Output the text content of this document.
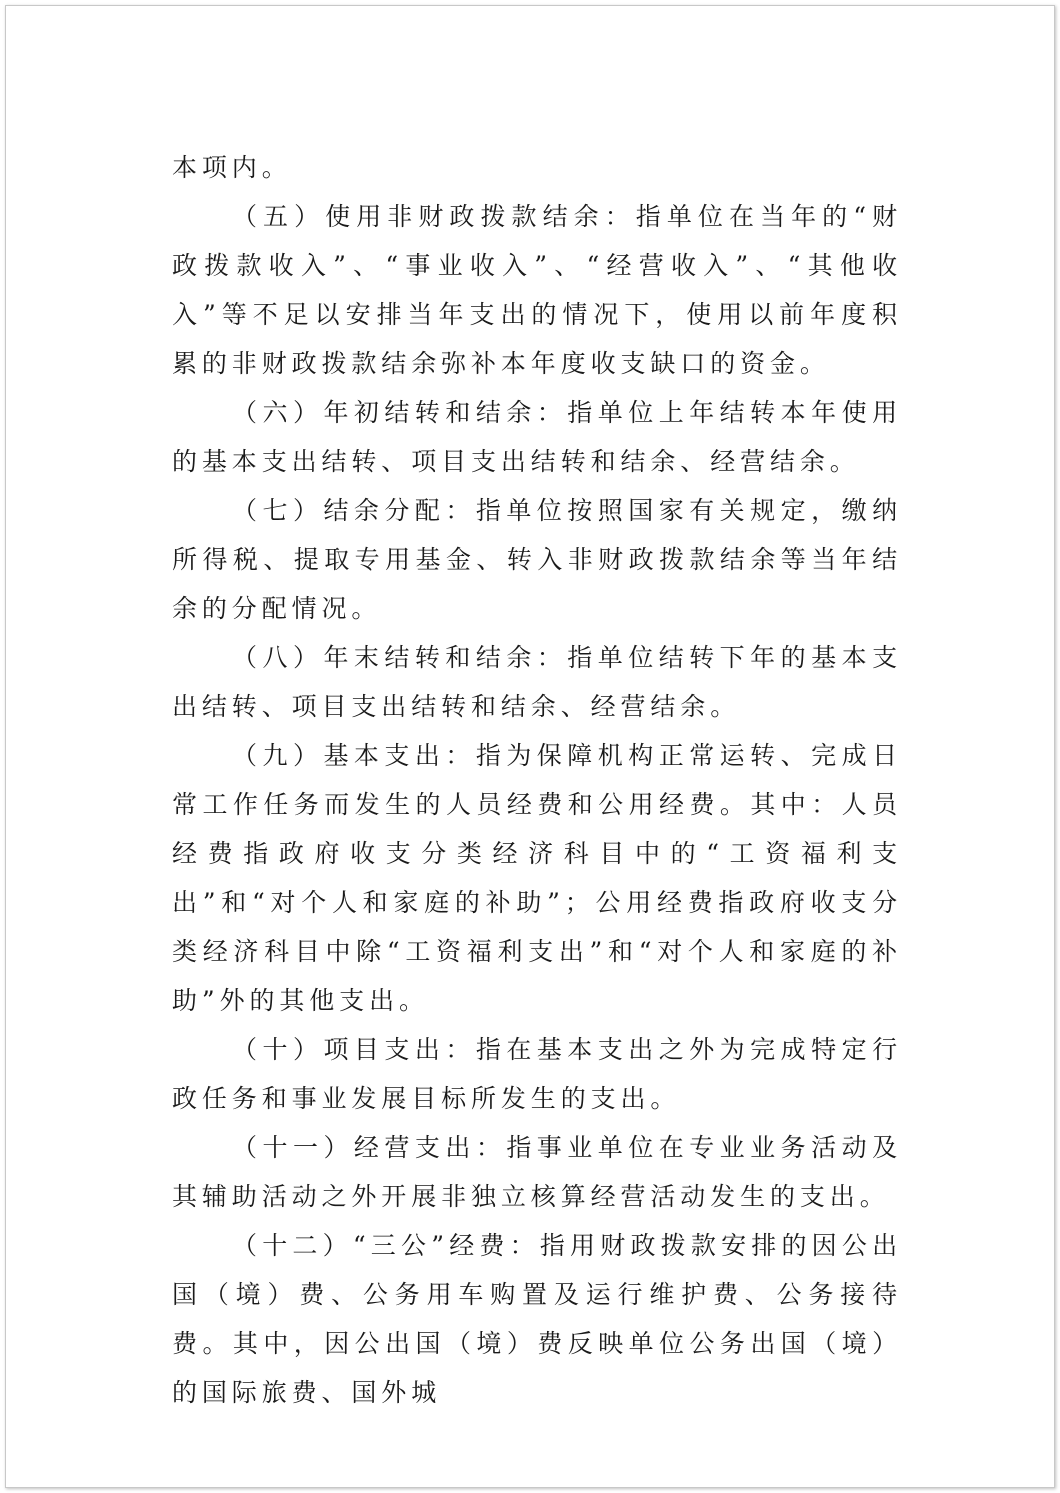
本项内。

（五）使用非财政拨款结余：指单位在当年的“财政拨款收入”、“事业收入”、“经营收入”、“其他收入”等不足以安排当年支出的情况下，使用以前年度积累的非财政拨款结余弥补本年度收支缺口的资金。

（六）年初结转和结余：指单位上年结转本年使用的基本支出结转、项目支出结转和结余、经营结余。

（七）结余分配：指单位按照国家有关规定，缴纳所得税、提取专用基金、转入非财政拨款结余等当年结余的分配情况。

（八）年末结转和结余：指单位结转下年的基本支出结转、项目支出结转和结余、经营结余。

（九）基本支出：指为保障机构正常运转、完成日常工作任务而发生的人员经费和公用经费。其中：人员经费指政府收支分类经济科目中的“工资福利支出”和“对个人和家庭的补助”；公用经费指政府收支分类经济科目中除“工资福利支出”和“对个人和家庭的补助”外的其他支出。

（十）项目支出：指在基本支出之外为完成特定行政任务和事业发展目标所发生的支出。

（十一）经营支出：指事业单位在专业业务活动及其辅助活动之外开展非独立核算经营活动发生的支出。

（十二）“三公”经费：指用财政拨款安排的因公出国（境）费、公务用车购置及运行维护费、公务接待费。其中，因公出国（境）费反映单位公务出国（境）的国际旅费、国外城
